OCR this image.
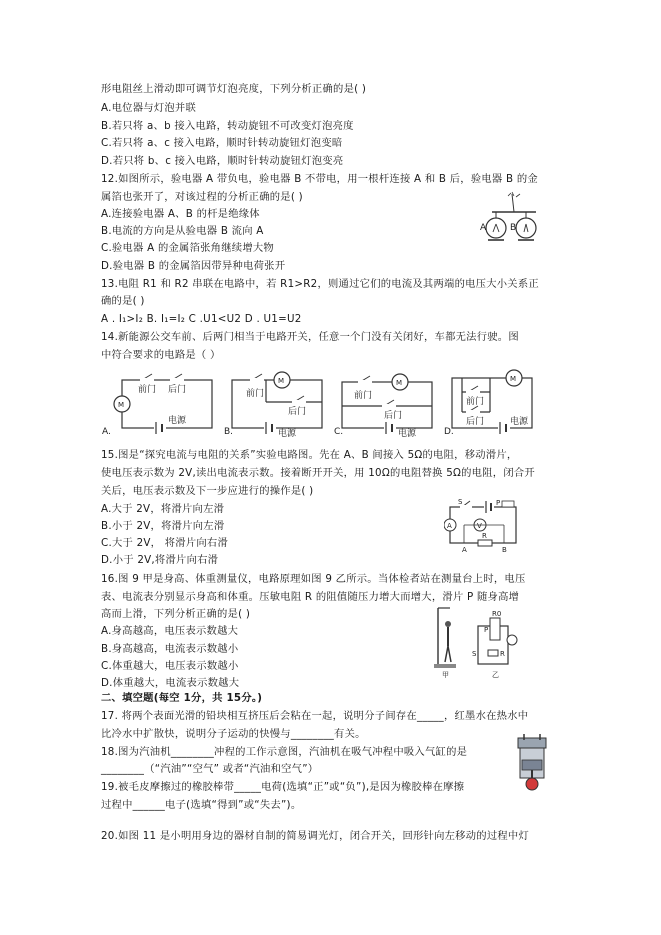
形电阻丝上滑动即可调节灯泡亮度，下列分析正确的是( )
A.电位器与灯泡并联
B.若只将 a、b 接入电路，转动旋钮不可改变灯泡亮度
C.若只将 a、c 接入电路，顺时针转动旋钮灯泡变暗
D.若只将 b、c 接入电路，顺时针转动旋钮灯泡变亮
12.如图所示，验电器 A 带负电，验电器 B 不带电，用一根杆连接 A 和 B 后，验电器 B 的金
属箔也张开了，对该过程的分析正确的是( )
A.连接验电器 A、B 的杆是绝缘体
B.电流的方向是从验电器 B 流向 A
C.验电器 A 的金属箔张角继续增大物
D.验电器 B 的金属箔因带异种电荷张开
A	B
13.电阻 R1 和 R2 串联在电路中，若 R1>R2，则通过它们的电流及其两端的电压大小关系正
确的是( )
A . I₁>I₂ B. I₁=I₂ C .U1<U2 D . U1=U2
14.新能源公交车前、后两门相当于电路开关，任意一个门没有关闭好，车都无法行驶。图
中符合要求的电路是（ ）
M
前门 后门
电源
A.
M
前门
后门
电源
B.
M
前门
后门
电源
C.
M
前门
后门	电源
D.
15.图是“探究电流与电阻的关系”实验电路图。先在 A、B 间接入 5Ω的电阻，移动滑片，
使电压表示数为 2V,读出电流表示数。接着断开开关，用 10Ω的电阻替换 5Ω的电阻，闭合开
关后，电压表示数及下一步应进行的操作是( )
A.大于 2V，将滑片向左滑
B.小于 2V，将滑片向左滑
C.大于 2V， 将滑片向右滑
D.小于 2V,将滑片向右滑
S	P
A	V
R
A	B
16.图 9 甲是身高、体重测量仪，电路原理如图 9 乙所示。当体检者站在测量台上时，电压
表、电流表分别显示身高和体重。压敏电阻 R 的阻值随压力增大而增大，滑片 P 随身高增
高而上滑，下列分析正确的是( )
A.身高越高，电压表示数越大
B.身高越高，电流表示数越小
C.体重越大，电压表示数越小
D.体重越大，电流表示数越大
甲
P
R0
R
S
乙
二、填空题(每空 1分，共 15分。)
17. 将两个表面光滑的铅块相互挤压后会粘在一起，说明分子间存在_____，红墨水在热水中
比冷水中扩散快，说明分子运动的快慢与________有关。
18.图为汽油机________冲程的工作示意图，汽油机在吸气冲程中吸入气缸的是
________（“汽油”“空气” 或者“汽油和空气”）
19.被毛皮摩擦过的橡胶棒带_____电荷(选填“正”或“负”),是因为橡胶棒在摩擦
过程中______电子(选填“得到”或“失去”)。
20.如图 11 是小明用身边的器材自制的简易调光灯，闭合开关，回形针向左移动的过程中灯
